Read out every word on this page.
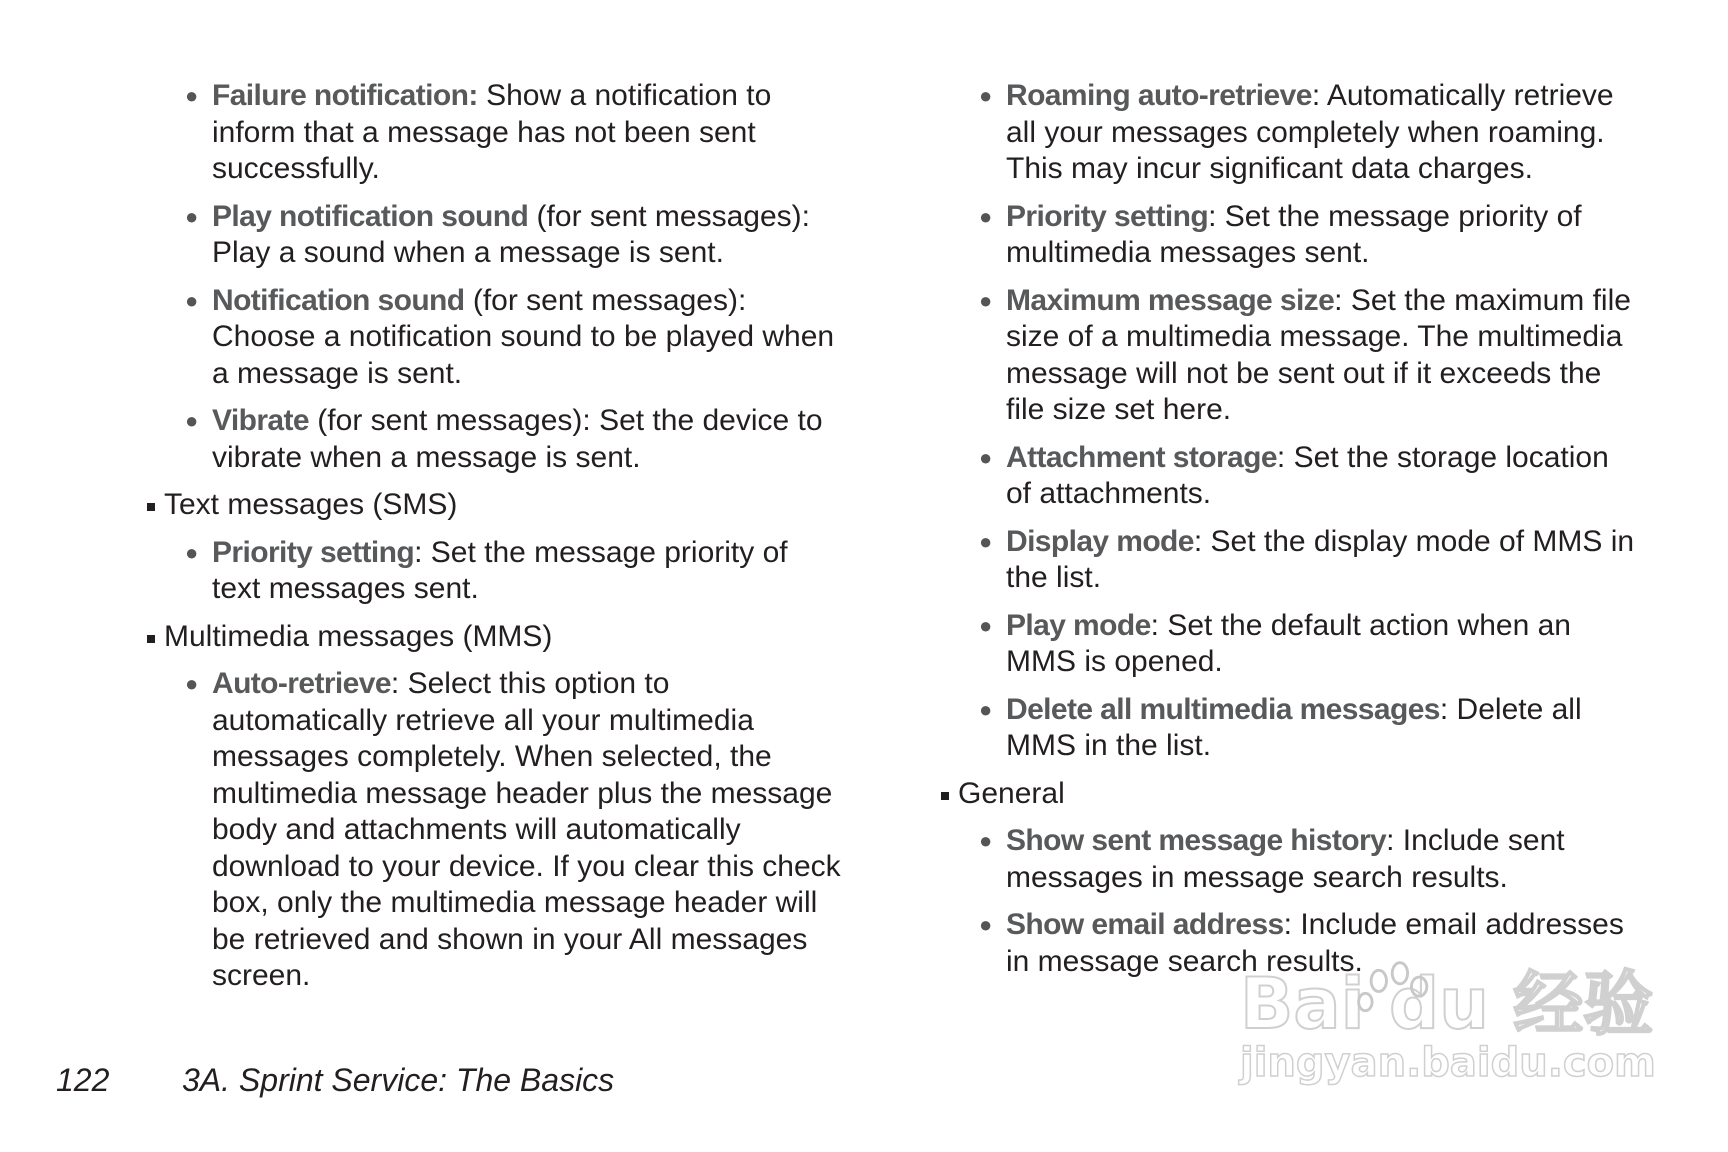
● Failure notification: Show a notification to inform that a message has not been sent successfully.
● Play notification sound (for sent messages): Play a sound when a message is sent.
● Notification sound (for sent messages): Choose a notification sound to be played when a message is sent.
● Vibrate (for sent messages): Set the device to vibrate when a message is sent.
Text messages (SMS)
● Priority setting: Set the message priority of text messages sent.
Multimedia messages (MMS)
● Auto-retrieve: Select this option to automatically retrieve all your multimedia messages completely. When selected, the multimedia message header plus the message body and attachments will automatically download to your device. If you clear this check box, only the multimedia message header will be retrieved and shown in your All messages screen.
● Roaming auto-retrieve: Automatically retrieve all your messages completely when roaming. This may incur significant data charges.
● Priority setting: Set the message priority of multimedia messages sent.
● Maximum message size: Set the maximum file size of a multimedia message. The multimedia message will not be sent out if it exceeds the file size set here.
● Attachment storage: Set the storage location of attachments.
● Display mode: Set the display mode of MMS in the list.
● Play mode: Set the default action when an MMS is opened.
● Delete all multimedia messages: Delete all MMS in the list.
General
● Show sent message history: Include sent messages in message search results.
● Show email address: Include email addresses in message search results.
122 3A. Sprint Service: The Basics
Bai du 经验
jingyan.baidu.com
